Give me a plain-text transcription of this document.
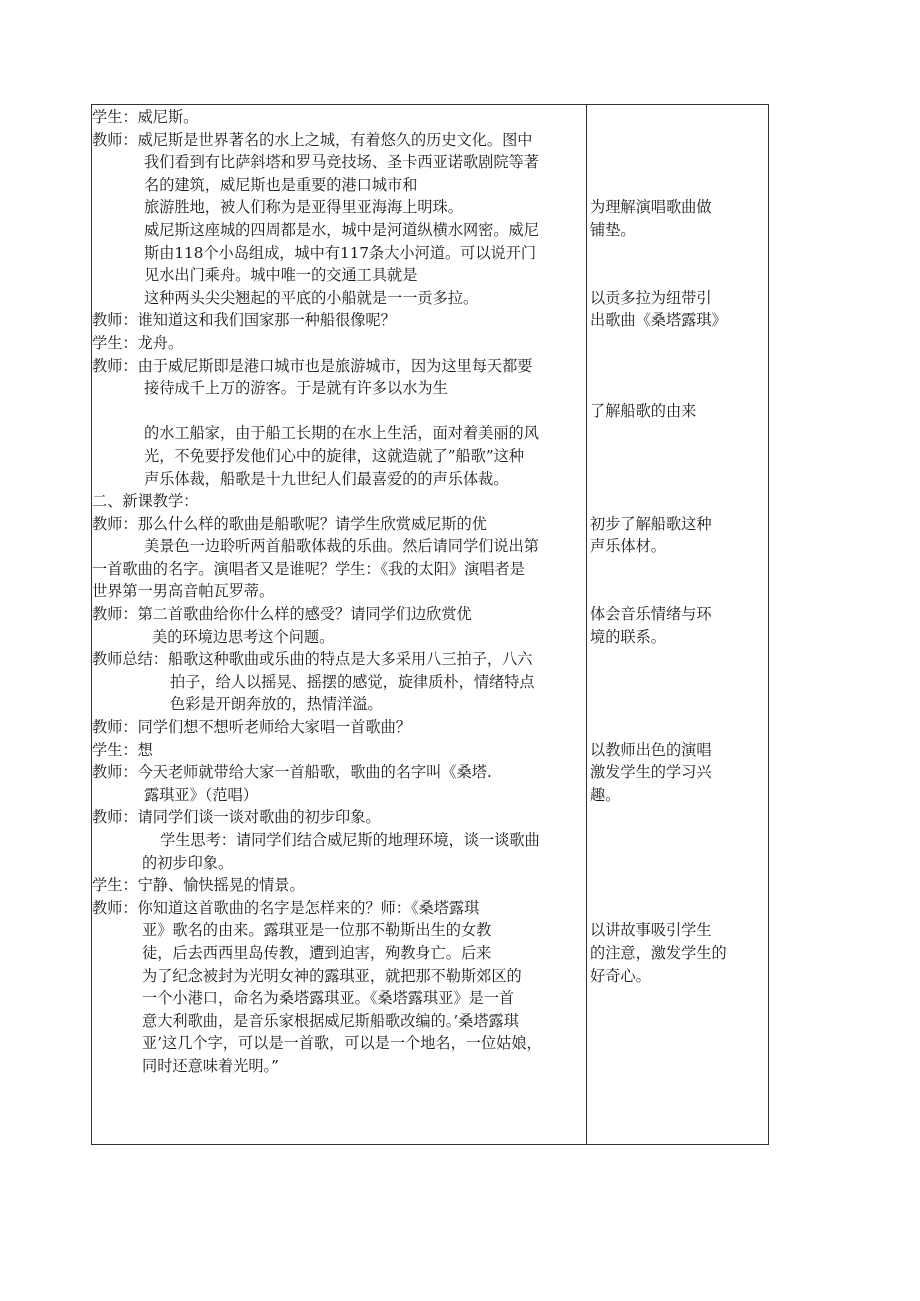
学生：威尼斯。
教师：威尼斯是世界著名的水上之城，有着悠久的历史文化。图中
我们看到有比萨斜塔和罗马竞技场、圣卡西亚诺歌剧院等著
名的建筑，威尼斯也是重要的港口城市和
旅游胜地，被人们称为是亚得里亚海海上明珠。
威尼斯这座城的四周都是水，城中是河道纵横水网密。威尼
斯由118个小岛组成，城中有117条大小河道。可以说开门
见水出门乘舟。城中唯一的交通工具就是
这种两头尖尖翘起的平底的小船就是一一贡多拉。
教师：谁知道这和我们国家那一种船很像呢？
学生：龙舟。
教师：由于威尼斯即是港口城市也是旅游城市，因为这里每天都要
接待成千上万的游客。于是就有许多以水为生
的水工船家，由于船工长期的在水上生活，面对着美丽的风
光，不免要抒发他们心中的旋律，这就造就了”船歌”这种
声乐体裁，船歌是十九世纪人们最喜爱的的声乐体裁。
二、新课教学：
教师：那么什么样的歌曲是船歌呢？请学生欣赏威尼斯的优
美景色一边聆听两首船歌体裁的乐曲。然后请同学们说出第
一首歌曲的名字。演唱者又是谁呢？学生：《我的太阳》演唱者是
世界第一男高音帕瓦罗蒂。
教师：第二首歌曲给你什么样的感受？请同学们边欣赏优
美的环境边思考这个问题。
教师总结：船歌这种歌曲或乐曲的特点是大多采用八三拍子，八六
拍子，给人以摇晃、摇摆的感觉，旋律质朴，情绪特点
色彩是开朗奔放的，热情洋溢。
教师：同学们想不想听老师给大家唱一首歌曲？
学生：想
教师：今天老师就带给大家一首船歌，歌曲的名字叫《桑塔.
露琪亚》（范唱）
教师：请同学们谈一谈对歌曲的初步印象。
学生思考：请同学们结合威尼斯的地理环境，谈一谈歌曲
的初步印象。
学生：宁静、愉快摇晃的情景。
教师：你知道这首歌曲的名字是怎样来的？师：《桑塔露琪
亚》歌名的由来。露琪亚是一位那不勒斯出生的女教
徒，后去西西里岛传教，遭到迫害，殉教身亡。后来
为了纪念被封为光明女神的露琪亚，就把那不勒斯郊区的
一个小港口，命名为桑塔露琪亚。《桑塔露琪亚》是一首
意大利歌曲，是音乐家根据威尼斯船歌改编的。’桑塔露琪
亚’这几个字，可以是一首歌，可以是一个地名，一位姑娘，
同时还意味着光明。”
为理解演唱歌曲做
铺垫。
以贡多拉为纽带引
出歌曲《桑塔露琪》
了解船歌的由来
初步了解船歌这种
声乐体材。
体会音乐情绪与环
境的联系。
以教师出色的演唱
激发学生的学习兴
趣。
以讲故事吸引学生
的注意，激发学生的
好奇心。
